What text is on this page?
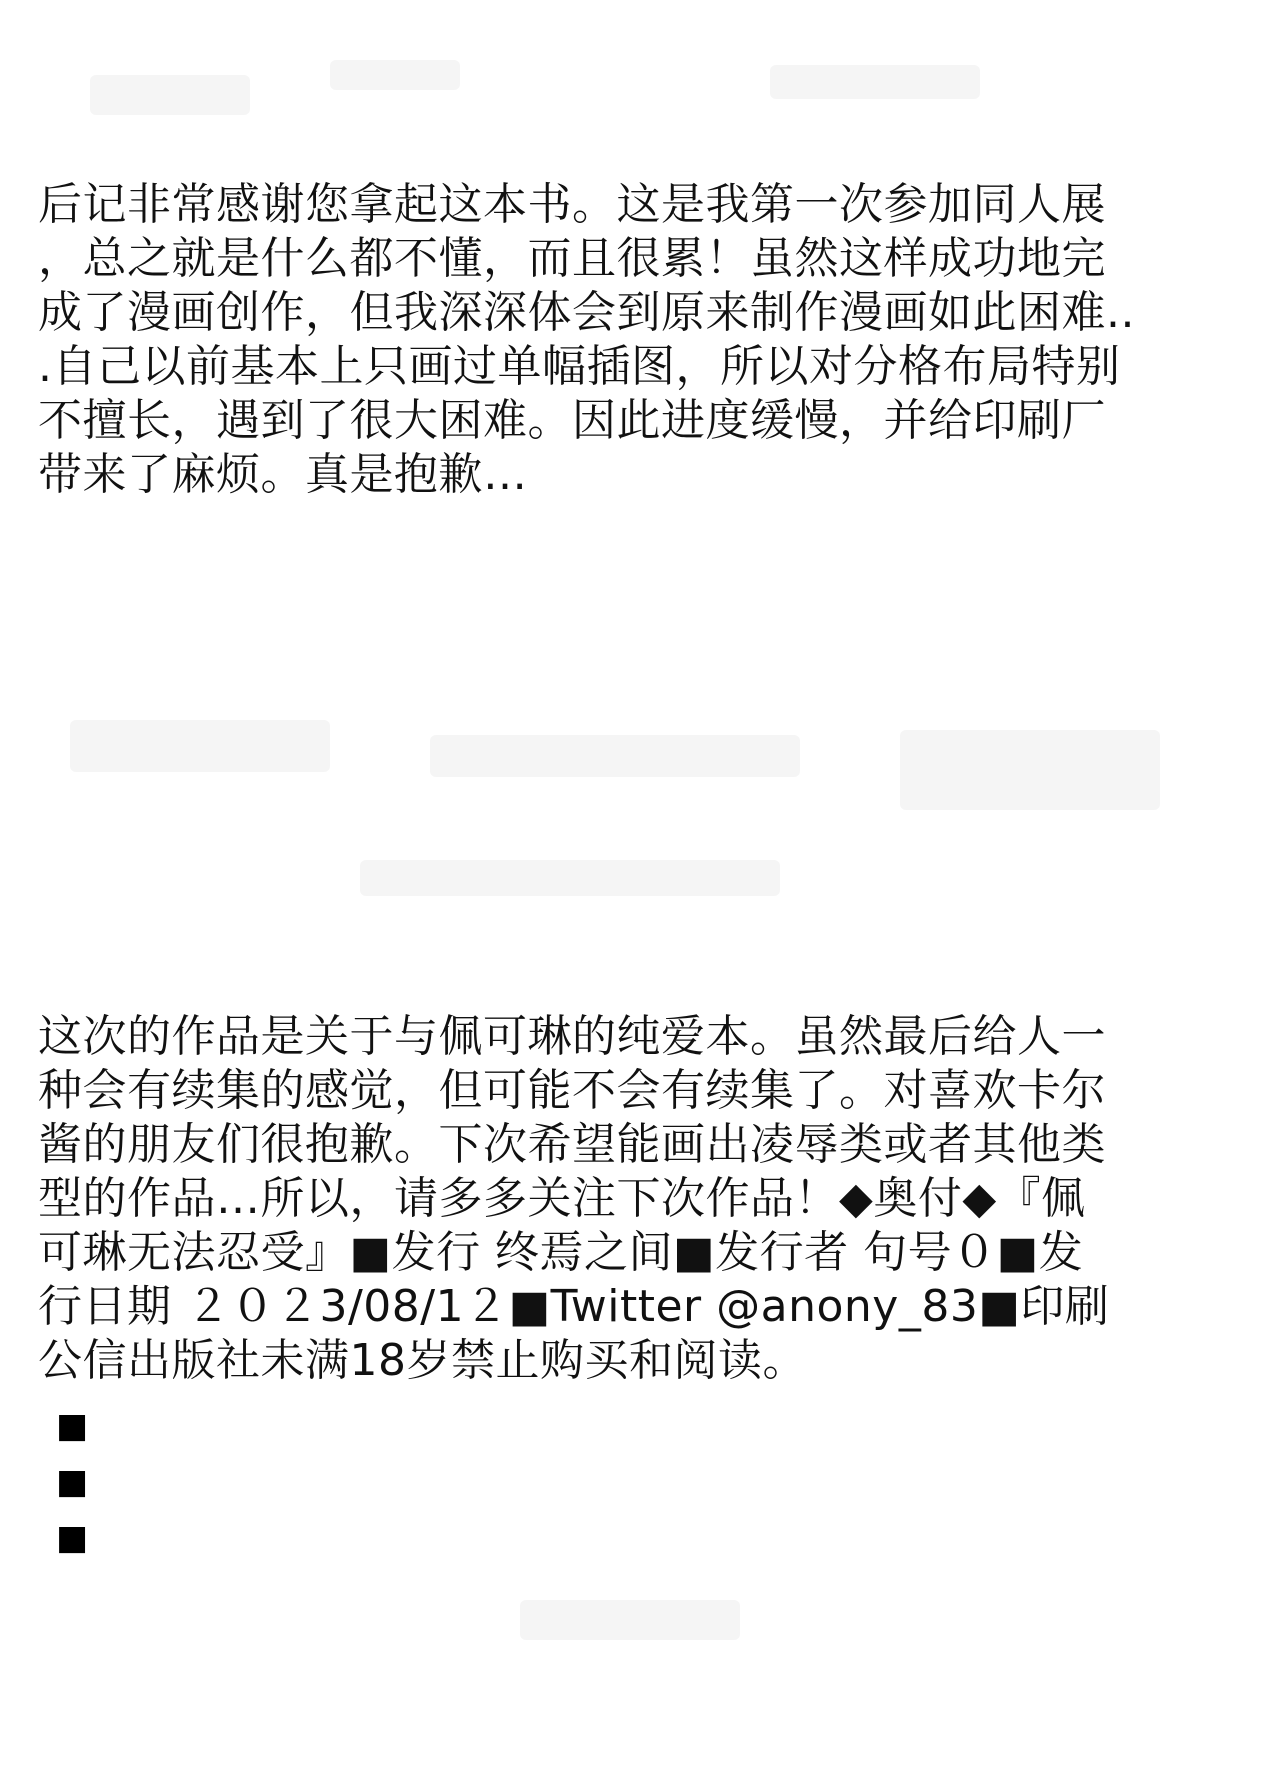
后记非常感谢您拿起这本书。这是我第一次参加同人展
，总之就是什么都不懂，而且很累！虽然这样成功地完
成了漫画创作，但我深深体会到原来制作漫画如此困难..
.自己以前基本上只画过单幅插图，所以对分格布局特别
不擅长，遇到了很大困难。因此进度缓慢，并给印刷厂
带来了麻烦。真是抱歉…

这次的作品是关于与佩可琳的纯爱本。虽然最后给人一
种会有续集的感觉，但可能不会有续集了。对喜欢卡尔
酱的朋友们很抱歉。下次希望能画出凌辱类或者其他类
型的作品…所以，请多多关注下次作品！◆奥付◆『佩
可琳无法忍受』■发行 终焉之间■发行者 句号０■发
行日期 ２０２3/08/1２■Twitter @anony_83■印刷
公信出版社未满18岁禁止购买和阅读。

■
■
■
